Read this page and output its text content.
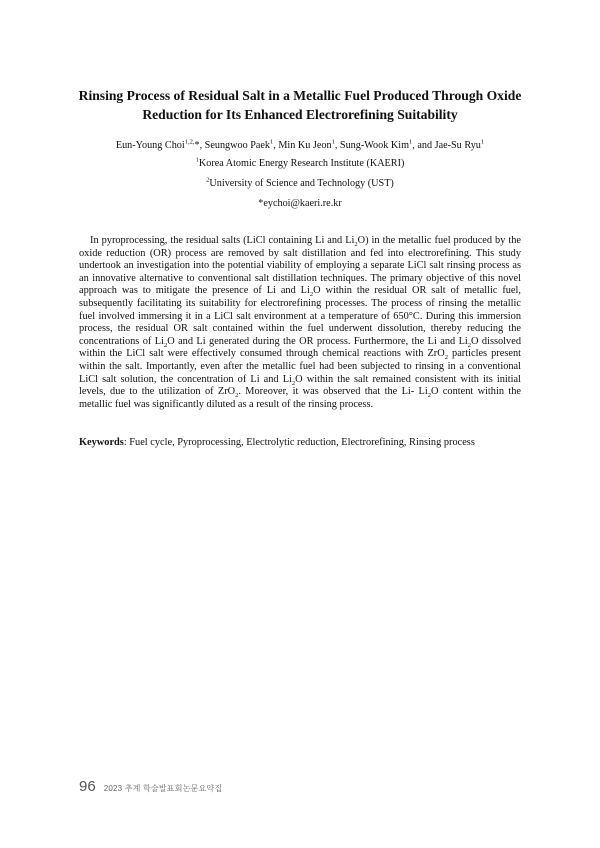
Rinsing Process of Residual Salt in a Metallic Fuel Produced Through Oxide Reduction for Its Enhanced Electrorefining Suitability
Eun-Young Choi$^{1,2,}$*, Seungwoo Paek$^1$, Min Ku Jeon$^1$, Sung-Wook Kim$^1$, and Jae-Su Ryu$^1$
$^1$Korea Atomic Energy Research Institute (KAERI)
$^2$University of Science and Technology (UST)
*eychoi@kaeri.re.kr
In pyroprocessing, the residual salts (LiCl containing Li and $Li_2O$) in the metallic fuel produced by the oxide reduction (OR) process are removed by salt distillation and fed into electrorefining. This study undertook an investigation into the potential viability of employing a separate LiCl salt rinsing process as an innovative alternative to conventional salt distillation techniques. The primary objective of this novel approach was to mitigate the presence of Li and $Li_2O$ within the residual OR salt of metallic fuel, subsequently facilitating its suitability for electrorefining processes. The process of rinsing the metallic fuel involved immersing it in a LiCl salt environment at a temperature of 650°C. During this immersion process, the residual OR salt contained within the fuel underwent dissolution, thereby reducing the concentrations of $Li_2O$ and Li generated during the OR process. Furthermore, the Li and $Li_2O$ dissolved within the LiCl salt were effectively consumed through chemical reactions with ZrO$_2$ particles present within the salt. Importantly, even after the metallic fuel had been subjected to rinsing in a conventional LiCl salt solution, the concentration of Li and $Li_2O$ within the salt remained consistent with its initial levels, due to the utilization of ZrO$_2$. Moreover, it was observed that the Li- $Li_2O$ content within the metallic fuel was significantly diluted as a result of the rinsing process.
Keywords: Fuel cycle, Pyroprocessing, Electrolytic reduction, Electrorefining, Rinsing process
96 2023 추계 학술발표회논문요약집
